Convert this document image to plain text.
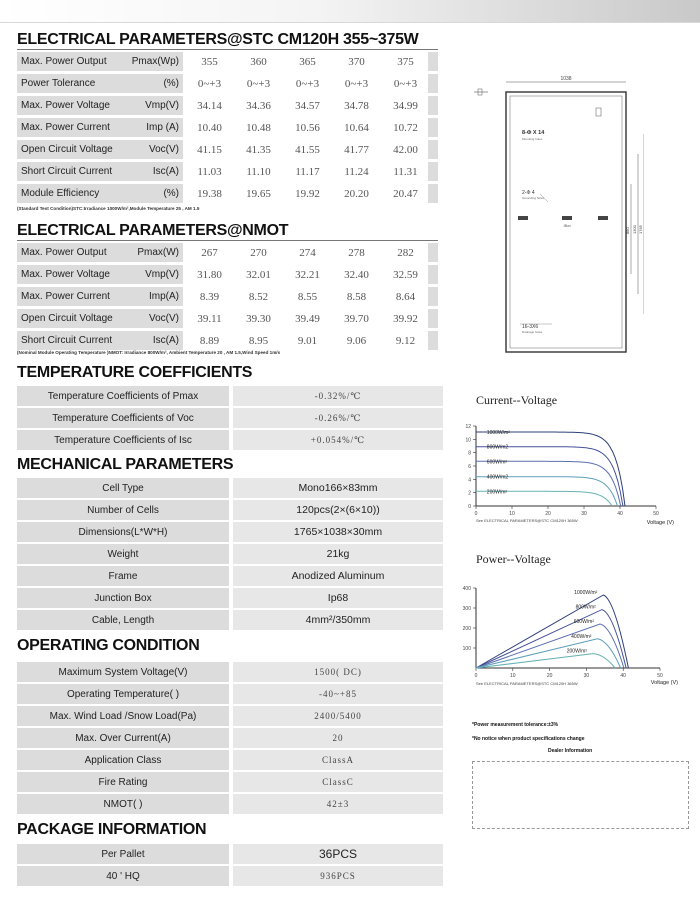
ELECTRICAL PARAMETERS@STC CM120H 355~375W
Max. Power Output Pmax(Wp)	355	360	365	370	375	

Power Tolerance (%)	0~+3	0~+3	0~+3	0~+3	0~+3	

Max. Power Voltage Vmp(V)	34.14	34.36	34.57	34.78	34.99	

Max. Power Current Imp (A)	10.40	10.48	10.56	10.64	10.72	

Open Circuit Voltage Voc(V)	41.15	41.35	41.55	41.77	42.00	

Short Circuit Current Isc(A)	11.03	11.10	11.17	11.24	11.31	

Module Efficiency (%)	19.38	19.65	19.92	20.20	20.47	
(Standard Test Condition)STC:Irradiance 1000W/m²,Module Temperature 25 , AM 1.5
ELECTRICAL PARAMETERS@NMOT
Max. Power Output Pmax(W)	267	270	274	278	282	

Max. Power Voltage Vmp(V)	31.80	32.01	32.21	32.40	32.59	

Max. Power Current Imp(A)	8.39	8.52	8.55	8.58	8.64	

Open Circuit Voltage Voc(V)	39.11	39.30	39.49	39.70	39.92	

Short Circuit Current Isc(A)	8.89	8.95	9.01	9.06	9.12	
(Nominal Module Operating Temperature )NMOT: Irradiance 800W/m², Ambient Temperature 20 , AM 1.5,Wind Speed 1m/s
TEMPERATURE COEFFICIENTS
Temperature Coefficients of Pmax	-0.32%/℃
Temperature Coefficients of Voc	-0.26%/℃
Temperature Coefficients of Isc	+0.054%/℃
MECHANICAL PARAMETERS
Cell Type	Mono166×83mm
Number of Cells	120pcs(2×(6×10))
Dimensions(L*W*H)	1765×1038×30mm
Weight	21kg
Frame	Anodized Aluminum
Junction Box	Ip68
Cable, Length	4mm²/350mm
OPERATING CONDITION
Maximum System Voltage(V)	1500( DC)
Operating Temperature( )	-40~+85
Max. Wind Load /Snow Load(Pa)	2400/5400
Max. Over Current(A)	20
Application Class	ClassA
Fire Rating	ClassC
NMOT( )	42±3
PACKAGE INFORMATION
Per Pallet	36PCS
40 ' HQ	936PCS
1038
8-Φ X 14
Mounting holes
2-Φ 4
Grounding holes
JBox
880 1300 1765
16-3X6
Drainage holes
Current--Voltage
0	10	20	30	40	50
0
2
4
6
8
10
12
1000W/m²
800W/m2
600W/m²
400W/m2
200W/m²
See ELECTRICAL PARAMETERS@STC CM120H 365W	Voltage (V)
Power--Voltage
0	10	20	30	40	50
100
200
300
400
1000W/m²
800W/m²
600W/m²
400W/m²
200W/m²
See ELECTRICAL PARAMETERS@STC CM120H 365W	Voltage (V)
*Power measurement tolerance:±3%
*No notice when product specifications change
Dealer Information
